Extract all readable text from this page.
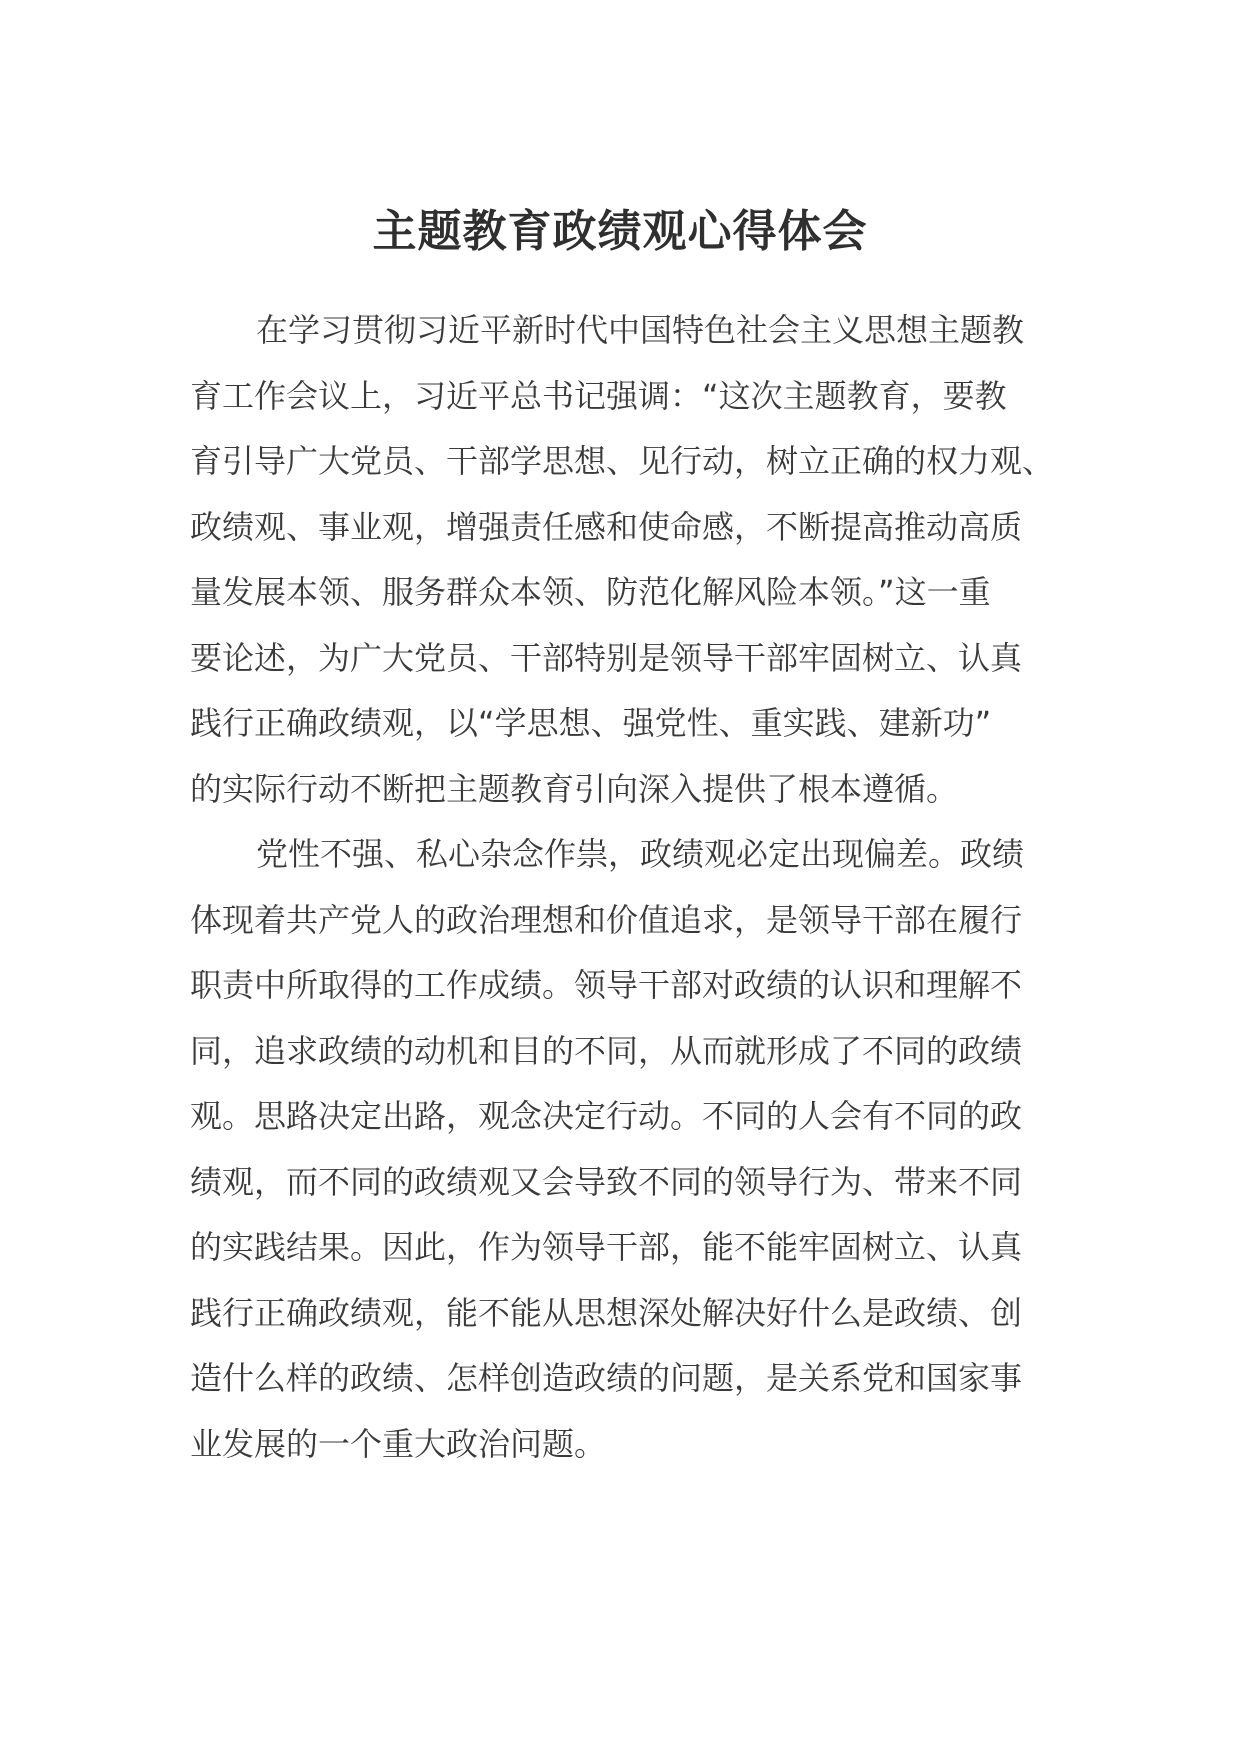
主题教育政绩观心得体会
在学习贯彻习近平新时代中国特色社会主义思想主题教
育工作会议上，习近平总书记强调：“这次主题教育，要教
育引导广大党员、干部学思想、见行动，树立正确的权力观、
政绩观、事业观，增强责任感和使命感，不断提高推动高质
量发展本领、服务群众本领、防范化解风险本领。”这一重
要论述，为广大党员、干部特别是领导干部牢固树立、认真
践行正确政绩观，以“学思想、强党性、重实践、建新功”
的实际行动不断把主题教育引向深入提供了根本遵循。
党性不强、私心杂念作祟，政绩观必定出现偏差。政绩
体现着共产党人的政治理想和价值追求，是领导干部在履行
职责中所取得的工作成绩。领导干部对政绩的认识和理解不
同，追求政绩的动机和目的不同，从而就形成了不同的政绩
观。思路决定出路，观念决定行动。不同的人会有不同的政
绩观，而不同的政绩观又会导致不同的领导行为、带来不同
的实践结果。因此，作为领导干部，能不能牢固树立、认真
践行正确政绩观，能不能从思想深处解决好什么是政绩、创
造什么样的政绩、怎样创造政绩的问题，是关系党和国家事
业发展的一个重大政治问题。
